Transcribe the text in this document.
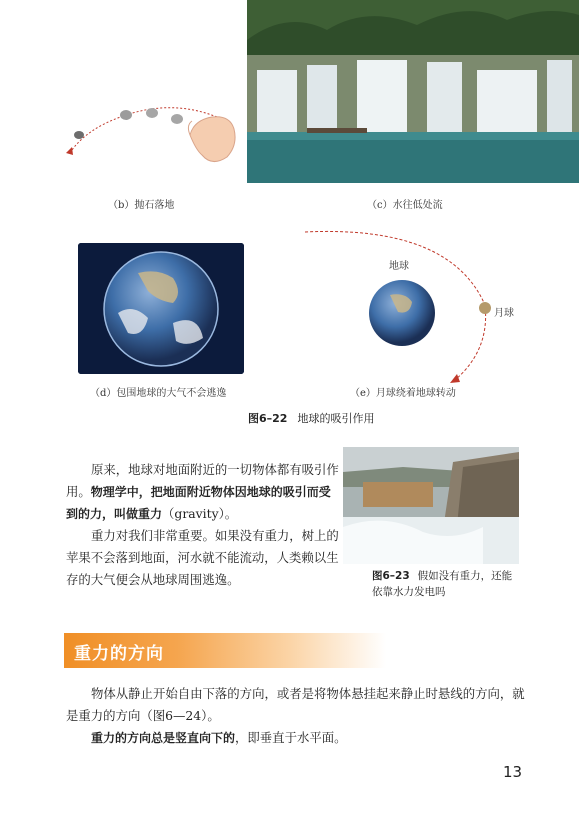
（b）抛石落地	（c）水往低处流
（d）包围地球的大气不会逃逸
地球
月球
（e）月球绕着地球转动
图6–22 地球的吸引作用

原来，地球对地面附近的一切物体都有吸引作用。物理学中，把地面附近物体因地球的吸引而受到的力，叫做重力（gravity）。

重力对我们非常重要。如果没有重力，树上的苹果不会落到地面，河水就不能流动，人类赖以生存的大气便会从地球周围逃逸。	图6–23 假如没有重力，还能依靠水力发电吗
重力的方向

物体从静止开始自由下落的方向，或者是将物体悬挂起来静止时悬线的方向，就是重力的方向（图6—24）。

重力的方向总是竖直向下的，即垂直于水平面。

13
